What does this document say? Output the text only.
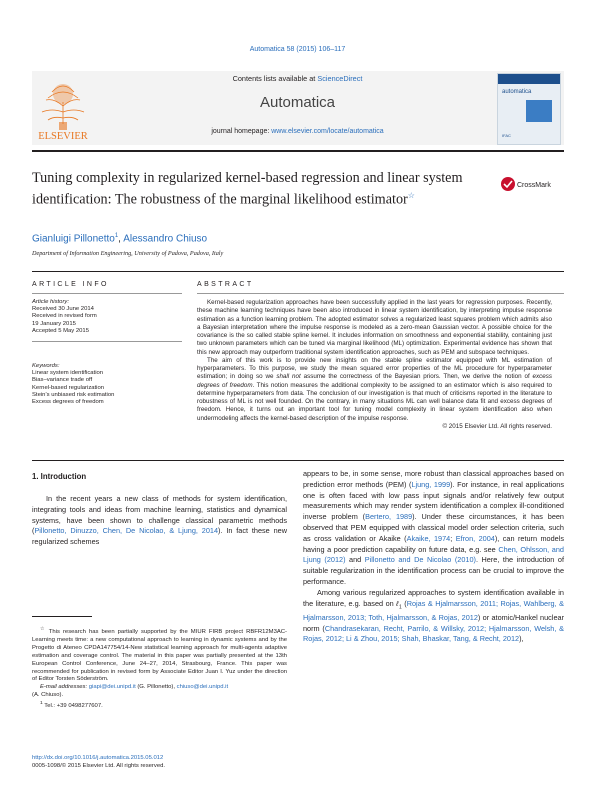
Automatica 58 (2015) 106–117
ELSEVIER
Contents lists available at ScienceDirect
Automatica
journal homepage: www.elsevier.com/locate/automatica
automatica
IFAC
Tuning complexity in regularized kernel-based regression and linear system identification: The robustness of the marginal likelihood estimator☆
CrossMark
Gianluigi Pillonetto$^1$, Alessandro Chiuso
Department of Information Engineering, University of Padova, Padova, Italy
ARTICLE INFO
Article history:
Received 30 June 2014
Received in revised form
19 January 2015
Accepted 5 May 2015
Keywords:
Linear system identification
Bias–variance trade off
Kernel-based regularization
Stein’s unbiased risk estimation
Excess degrees of freedom
ABSTRACT

Kernel-based regularization approaches have been successfully applied in the last years for regression purposes. Recently, these machine learning techniques have been also introduced in linear system identification, by interpreting impulse response estimation as a function learning problem. The adopted estimator solves a regularized least squares problem which admits also a Bayesian interpretation where the impulse response is modeled as a zero-mean Gaussian vector. A possible choice for the covariance is the so called stable spline kernel. It includes information on smoothness and exponential stability, containing just two unknown parameters which can be tuned via marginal likelihood (ML) optimization. Experimental evidence has shown that this new approach may outperform traditional system identification approaches, such as PEM and subspace techniques.

The aim of this work is to provide new insights on the stable spline estimator equipped with ML estimation of hyperparameters. To this purpose, we study the mean squared error properties of the ML procedure for hyperparameter estimation; in doing so we shall not assume the correctness of the Bayesian priors. Then, we derive the notion of excess degrees of freedom. This notion measures the additional complexity to be assigned to an estimator which is also required to determine hyperparameters from data. The conclusion of our investigation is that much of criticisms reported in the literature to robustness of ML is not well founded. On the contrary, in many situations ML can well balance data fit and excess degrees of freedom. Hence, it turns out an important tool for tuning model complexity in linear system identification also when undermodeling affects the kernel-based description of the impulse response.

© 2015 Elsevier Ltd. All rights reserved.

1. Introduction

In the recent years a new class of methods for system identification, integrating tools and ideas from machine learning, statistics and dynamical systems, have been shown to challenge classical parametric methods (Pillonetto, Dinuzzo, Chen, De Nicolao, & Ljung, 2014). In fact these new regularized schemes

appears to be, in some sense, more robust than classical approaches based on prediction error methods (PEM) (Ljung, 1999). For instance, in real applications one is often faced with low pass input signals and/or relatively few output measurements which may render system identification a complex ill-conditioned inverse problem (Bertero, 1989). Under these circumstances, it has been observed that PEM equipped with classical model order selection criteria, such as cross validation or Akaike (Akaike, 1974; Efron, 2004), can return models having a poor prediction capability on future data, e.g. see Chen, Ohlsson, and Ljung (2012) and Pillonetto and De Nicolao (2010). Here, the introduction of suitable regularization in the identification process can be crucial to improve the performance.

Among various regularized approaches to system identification available in the literature, e.g. based on ℓ$_1$ (Rojas & Hjalmarsson, 2011; Rojas, Wahlberg, & Hjalmarsson, 2013; Toth, Hjalmarsson, & Rojas, 2012) or atomic/Hankel nuclear norm (Chandrasekaran, Recht, Parrilo, & Willsky, 2012; Hjalmarsson, Welsh, & Rojas, 2012; Li & Zhou, 2015; Shah, Bhaskar, Tang, & Recht, 2012),

☆ This research has been partially supported by the MIUR FIRB project RBFR12M3AC-Learning meets time: a new computational approach to learning in dynamic systems and by the Progetto di Ateneo CPDA147754/14-New statistical learning approach for multi-agents adaptive estimation and coverage control. The material in this paper was partially presented at the 13th European Control Conference, June 24–27, 2014, Strasbourg, France. This paper was recommended for publication in revised form by Associate Editor Juan I. Yuz under the direction of Editor Torsten Söderström.

E-mail addresses: giapi@dei.unipd.it (G. Pillonetto), chiuso@dei.unipd.it

(A. Chiuso).

$^1$ Tel.: +39 0498277607.

http://dx.doi.org/10.1016/j.automatica.2015.05.012
0005-1098/© 2015 Elsevier Ltd. All rights reserved.
